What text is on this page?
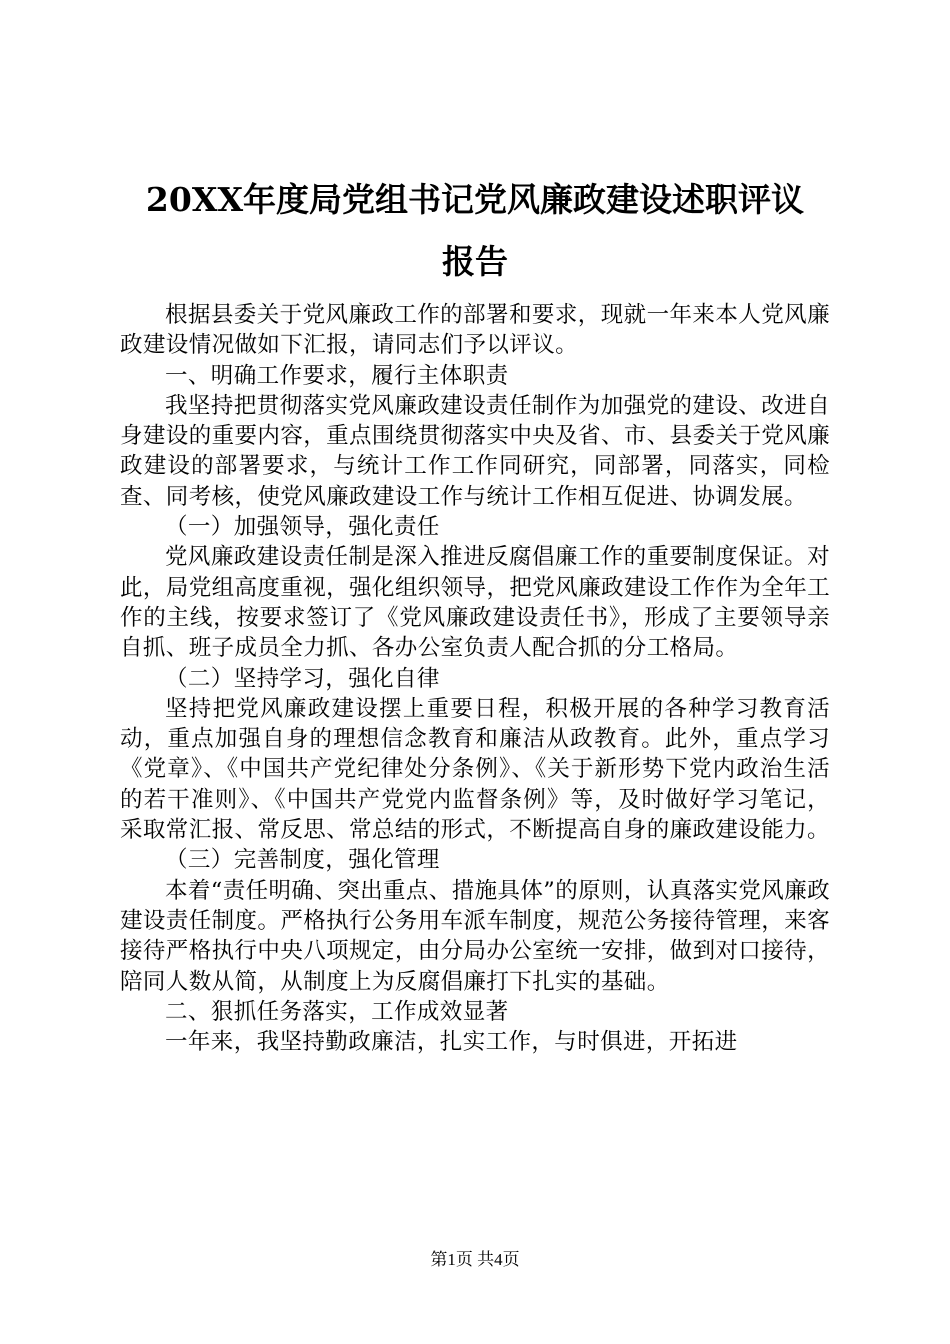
20XX年度局党组书记党风廉政建设述职评议
报告

根据县委关于党风廉政工作的部署和要求，现就一年来本人党风廉政建设情况做如下汇报，请同志们予以评议。

一、明确工作要求，履行主体职责

我坚持把贯彻落实党风廉政建设责任制作为加强党的建设、改进自身建设的重要内容，重点围绕贯彻落实中央及省、市、县委关于党风廉政建设的部署要求，与统计工作工作同研究，同部署，同落实，同检查、同考核，使党风廉政建设工作与统计工作相互促进、协调发展。

（一）加强领导，强化责任

党风廉政建设责任制是深入推进反腐倡廉工作的重要制度保证。对此，局党组高度重视，强化组织领导，把党风廉政建设工作作为全年工作的主线，按要求签订了《党风廉政建设责任书》，形成了主要领导亲自抓、班子成员全力抓、各办公室负责人配合抓的分工格局。

（二）坚持学习，强化自律

坚持把党风廉政建设摆上重要日程，积极开展的各种学习教育活动，重点加强自身的理想信念教育和廉洁从政教育。此外，重点学习《党章》、《中国共产党纪律处分条例》、《关于新形势下党内政治生活的若干准则》、《中国共产党党内监督条例》等，及时做好学习笔记，采取常汇报、常反思、常总结的形式，不断提高自身的廉政建设能力。

（三）完善制度，强化管理

本着“责任明确、突出重点、措施具体”的原则，认真落实党风廉政建设责任制度。严格执行公务用车派车制度，规范公务接待管理，来客接待严格执行中央八项规定，由分局办公室统一安排，做到对口接待，陪同人数从简，从制度上为反腐倡廉打下扎实的基础。

二、狠抓任务落实，工作成效显著

一年来，我坚持勤政廉洁，扎实工作，与时俱进，开拓进

第1页 共4页
